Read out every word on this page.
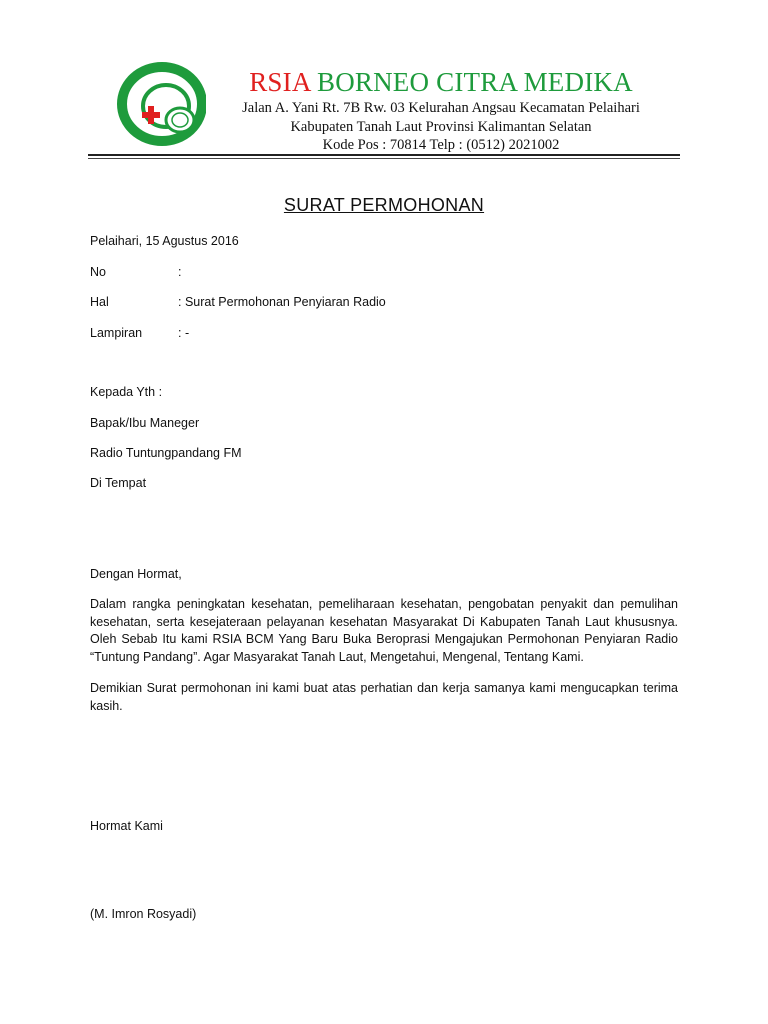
RSIA BORNEO CITRA MEDIKA
Jalan A. Yani Rt. 7B Rw. 03 Kelurahan Angsau Kecamatan Pelaihari
Kabupaten Tanah Laut Provinsi Kalimantan Selatan
Kode Pos : 70814 Telp : (0512) 2021002
SURAT PERMOHONAN
Pelaihari, 15 Agustus 2016
No	:
Hal	: Surat Permohonan Penyiaran Radio
Lampiran	: -
Kepada Yth :
Bapak/Ibu Maneger
Radio Tuntungpandang FM
Di Tempat
Dengan Hormat,
Dalam rangka peningkatan kesehatan, pemeliharaan kesehatan, pengobatan penyakit dan pemulihan kesehatan, serta kesejateraan pelayanan kesehatan Masyarakat Di Kabupaten Tanah Laut khususnya. Oleh Sebab Itu kami RSIA BCM Yang Baru Buka Beroprasi Mengajukan Permohonan Penyiaran Radio “Tuntung Pandang”. Agar Masyarakat Tanah Laut, Mengetahui, Mengenal, Tentang Kami.
Demikian Surat permohonan ini kami buat atas perhatian dan kerja samanya kami mengucapkan terima kasih.
Hormat Kami
(M. Imron Rosyadi)
